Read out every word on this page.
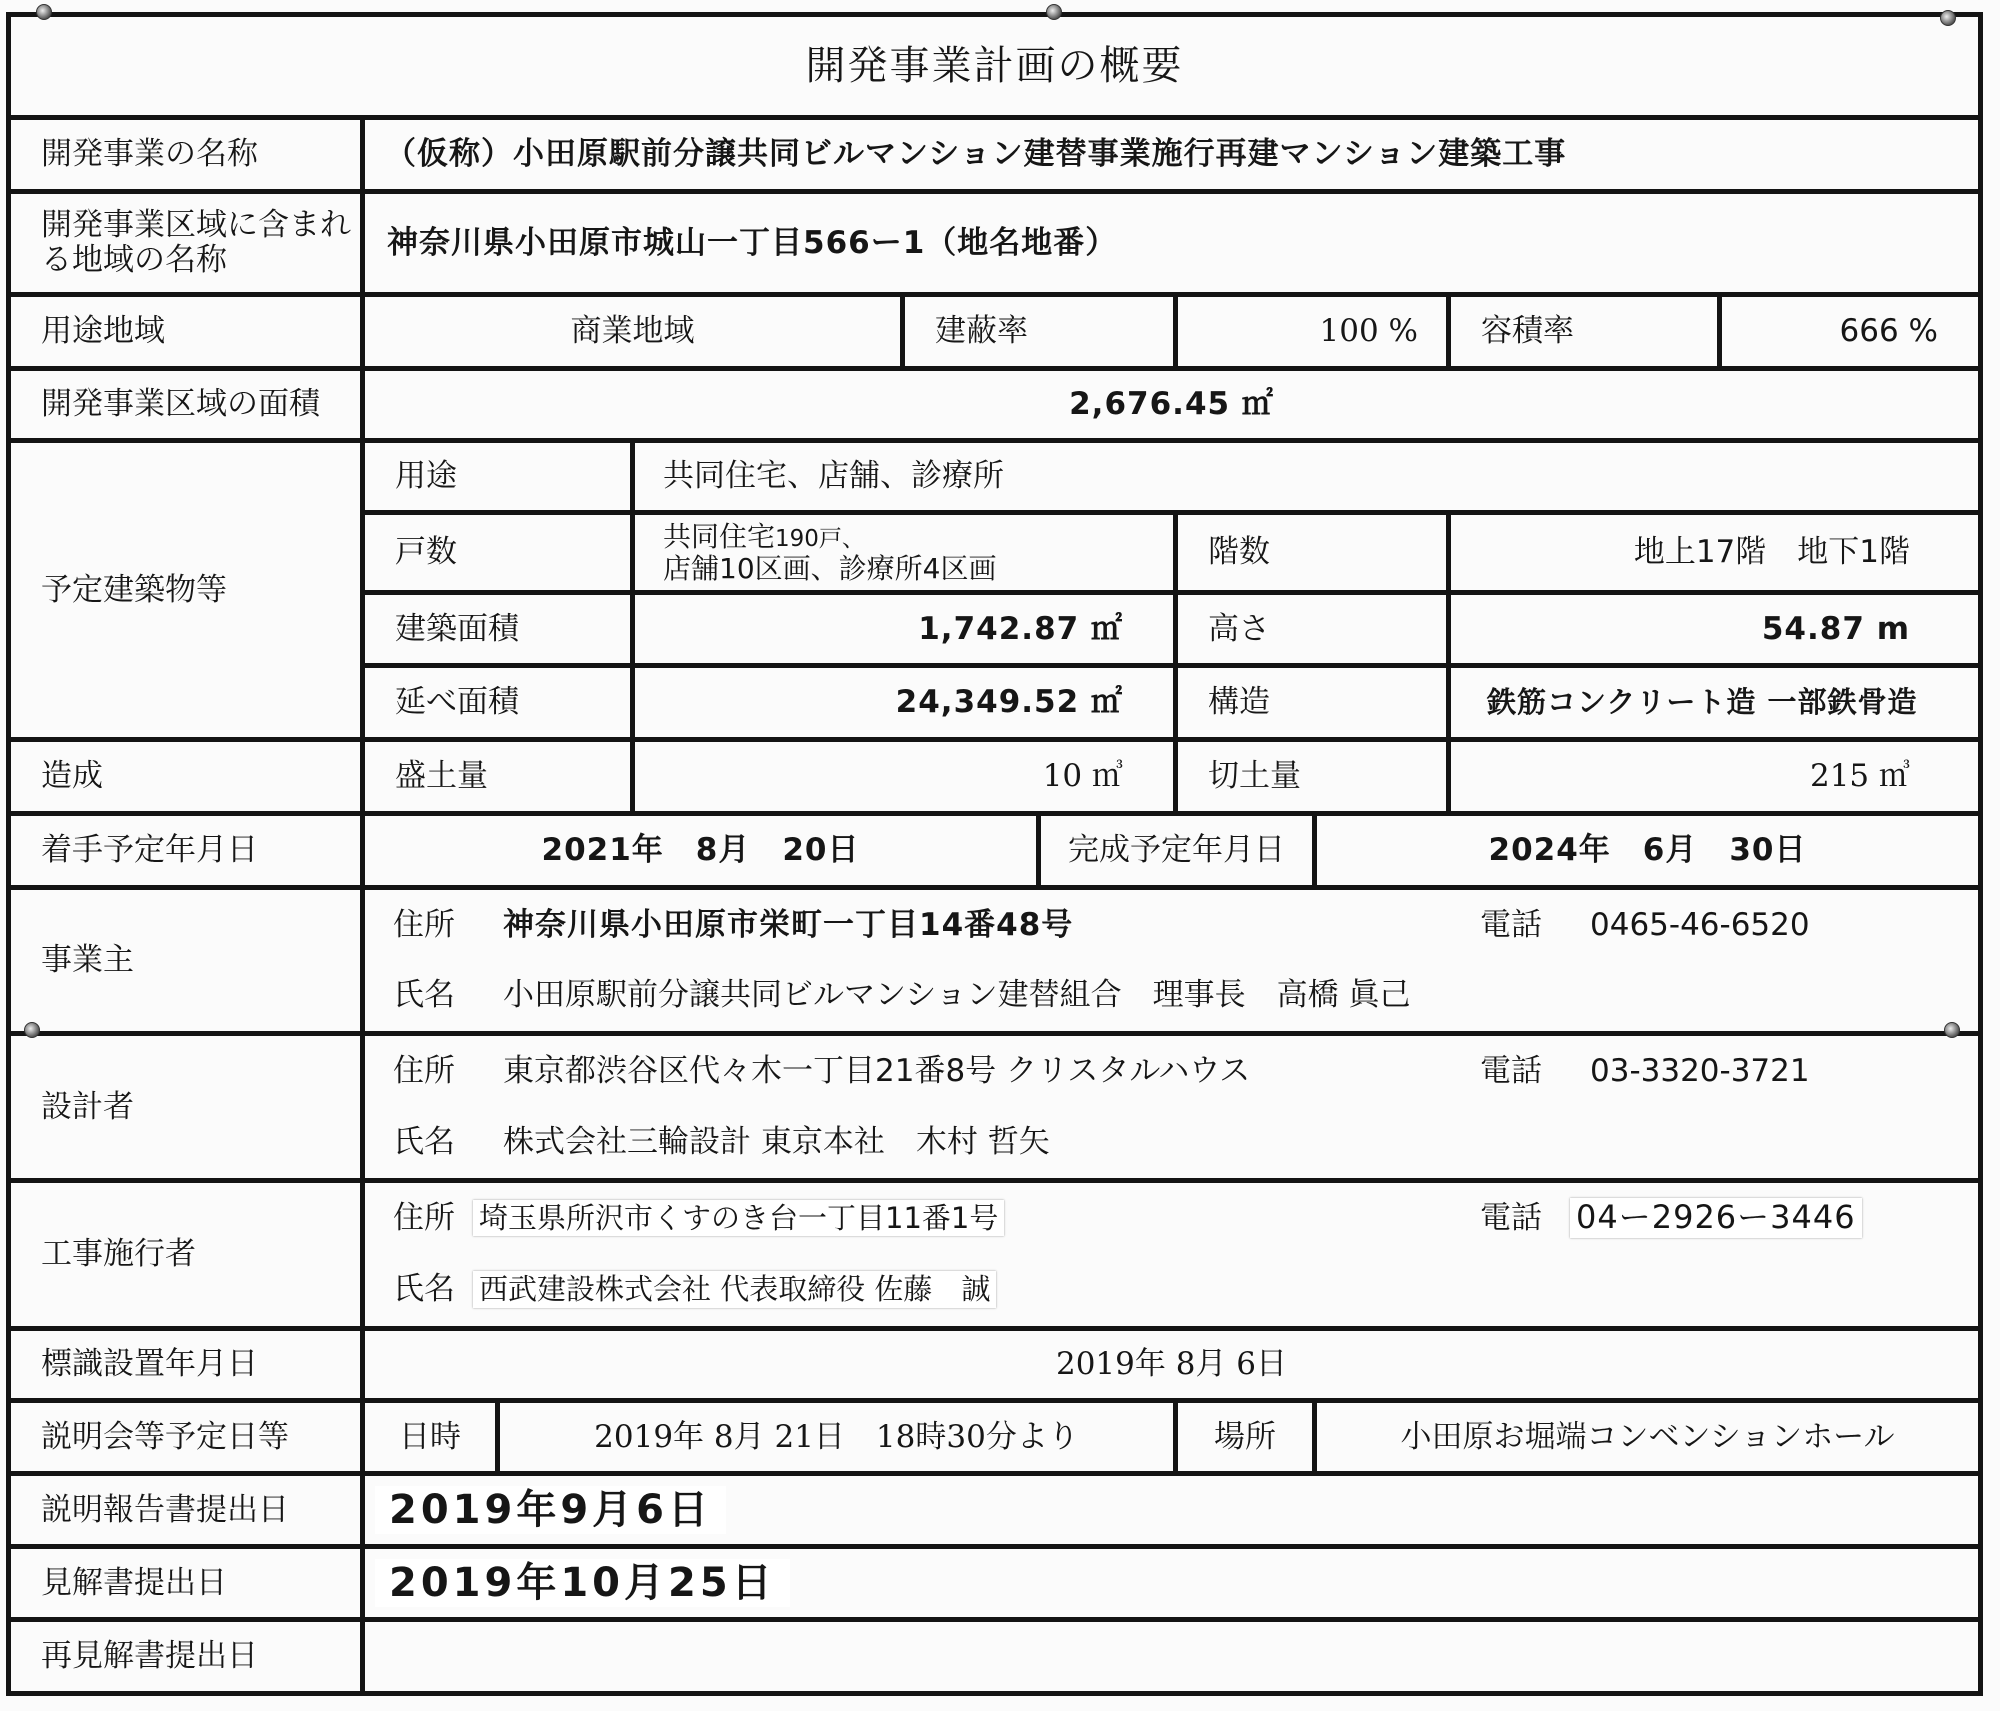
開発事業計画の概要
開発事業の名称	（仮称）小田原駅前分譲共同ビルマンション建替事業施行再建マンション建築工事
開発事業区域に含まれ
る地域の名称	神奈川県小田原市城山一丁目566ー1（地名地番）
用途地域	商業地域	建蔽率	100 %	容積率	666 %
開発事業区域の面積	2,676.45 ㎡
予定建築物等
用途	共同住宅、店舗、診療所
戸数	共同住宅190戸、
店舗10区画、診療所4区画	階数	地上17階　地下1階
建築面積	1,742.87 ㎡	高さ	54.87 m
延べ面積	24,349.52 ㎡	構造	鉄筋コンクリート造 一部鉄骨造
造成	盛土量	10 ㎥	切土量	215 ㎥
着手予定年月日	2021年　8月　20日	完成予定年月日	2024年　6月　30日
事業主
住所	神奈川県小田原市栄町一丁目14番48号	電話	0465-46-6520
氏名	小田原駅前分譲共同ビルマンション建替組合　理事長　高橋 眞己
設計者
住所	東京都渋谷区代々木一丁目21番8号 クリスタルハウス	電話	03-3320-3721
氏名	株式会社三輪設計 東京本社　木村 哲矢
工事施行者
住所 埼玉県所沢市くすのき台一丁目11番1号	電話	04ー2926ー3446
氏名 西武建設株式会社 代表取締役 佐藤　誠
標識設置年月日	2019年 8月 6日
説明会等予定日等	日時	2019年 8月 21日　18時30分より	場所	小田原お堀端コンベンションホール
説明報告書提出日	2019年9月6日
見解書提出日	2019年10月25日
再見解書提出日
